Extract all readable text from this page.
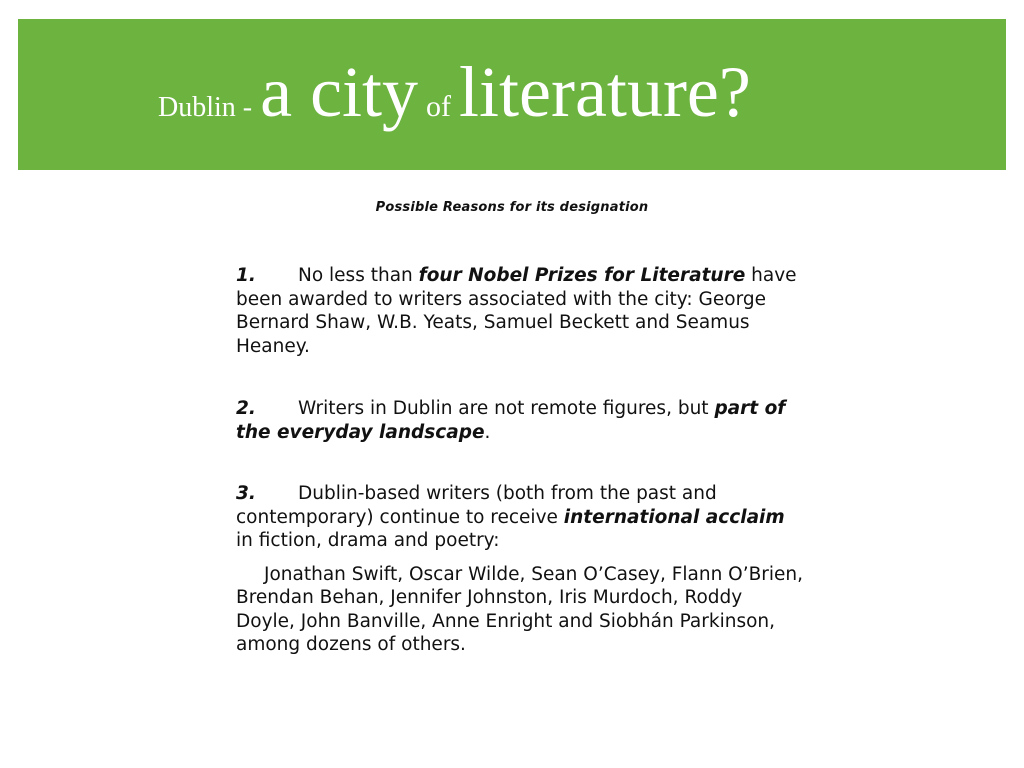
Dublin - a city of literature?
Possible Reasons for its designation

1. No less than four Nobel Prizes for Literature have been awarded to writers associated with the city: George Bernard Shaw, W.B. Yeats, Samuel Beckett and Seamus Heaney.

2. Writers in Dublin are not remote figures, but part of the everyday landscape.

3. Dublin-based writers (both from the past and contemporary) continue to receive international acclaim in fiction, drama and poetry:

Jonathan Swift, Oscar Wilde, Sean O’Casey, Flann O’Brien, Brendan Behan, Jennifer Johnston, Iris Murdoch, Roddy Doyle, John Banville, Anne Enright and Siobhán Parkinson, among dozens of others.
